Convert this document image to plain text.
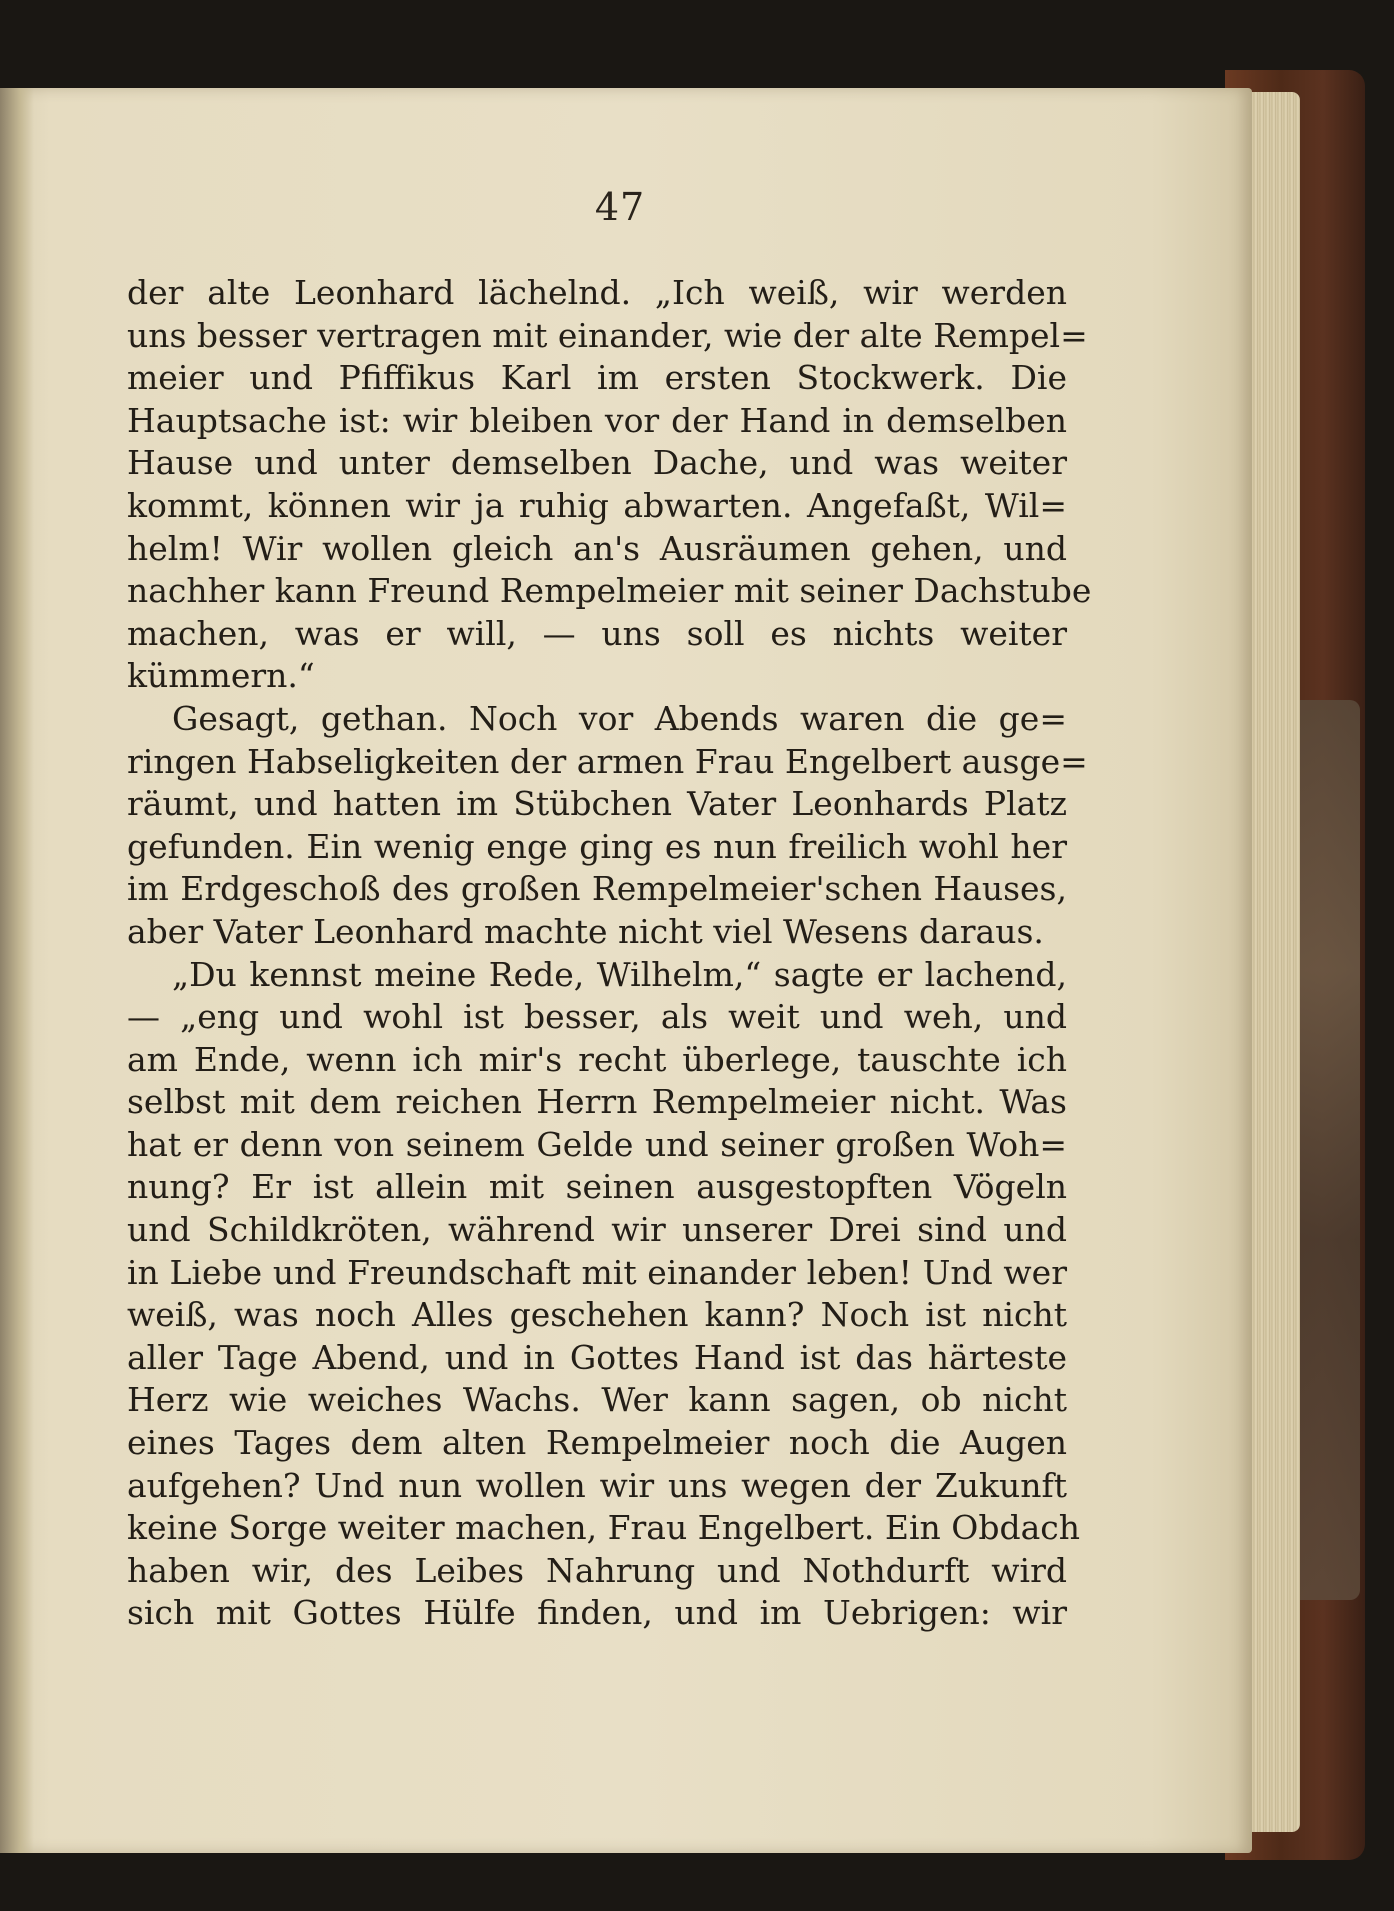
47
der alte Leonhard lächelnd. „Ich weiß, wir werden
uns besser vertragen mit einander, wie der alte Rempel=
meier und Pfiffikus Karl im ersten Stockwerk. Die
Hauptsache ist: wir bleiben vor der Hand in demselben
Hause und unter demselben Dache, und was weiter
kommt, können wir ja ruhig abwarten. Angefaßt, Wil=
helm! Wir wollen gleich an's Ausräumen gehen, und
nachher kann Freund Rempelmeier mit seiner Dachstube
machen, was er will, — uns soll es nichts weiter
kümmern.“
Gesagt, gethan. Noch vor Abends waren die ge=
ringen Habseligkeiten der armen Frau Engelbert ausge=
räumt, und hatten im Stübchen Vater Leonhards Platz
gefunden. Ein wenig enge ging es nun freilich wohl her
im Erdgeschoß des großen Rempelmeier'schen Hauses,
aber Vater Leonhard machte nicht viel Wesens daraus.
„Du kennst meine Rede, Wilhelm,“ sagte er lachend,
— „eng und wohl ist besser, als weit und weh, und
am Ende, wenn ich mir's recht überlege, tauschte ich
selbst mit dem reichen Herrn Rempelmeier nicht. Was
hat er denn von seinem Gelde und seiner großen Woh=
nung? Er ist allein mit seinen ausgestopften Vögeln
und Schildkröten, während wir unserer Drei sind und
in Liebe und Freundschaft mit einander leben! Und wer
weiß, was noch Alles geschehen kann? Noch ist nicht
aller Tage Abend, und in Gottes Hand ist das härteste
Herz wie weiches Wachs. Wer kann sagen, ob nicht
eines Tages dem alten Rempelmeier noch die Augen
aufgehen? Und nun wollen wir uns wegen der Zukunft
keine Sorge weiter machen, Frau Engelbert. Ein Obdach
haben wir, des Leibes Nahrung und Nothdurft wird
sich mit Gottes Hülfe finden, und im Uebrigen: wir
